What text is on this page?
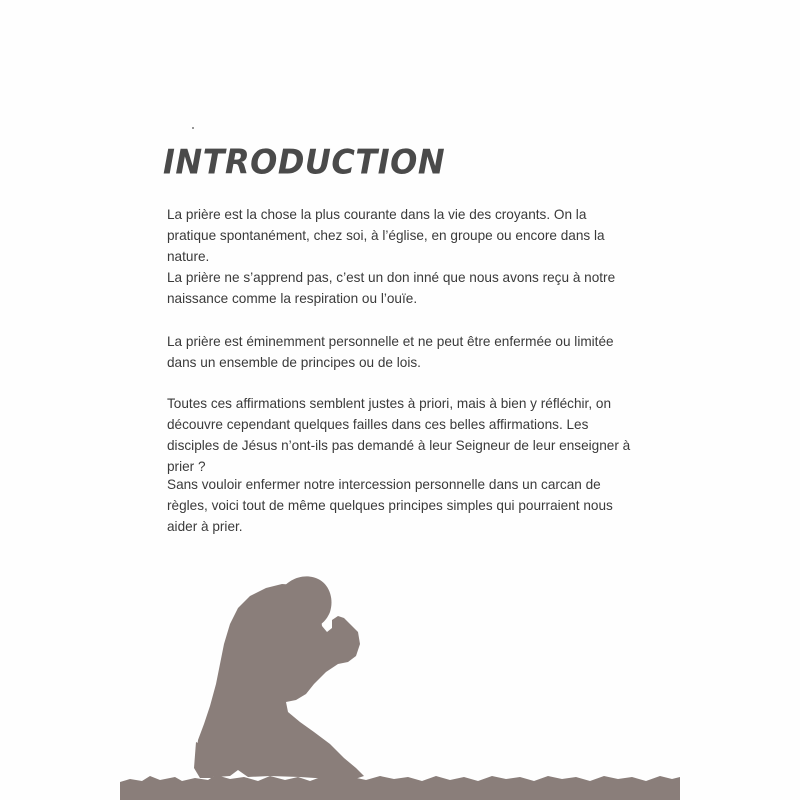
INTRODUCTION

La prière est la chose la plus courante dans la vie des croyants. On la pratique spontanément, chez soi, à l’église, en groupe ou encore dans la nature.

La prière ne s’apprend pas, c’est un don inné que nous avons reçu à notre naissance comme la respiration ou l’ouïe.

La prière est éminemment personnelle et ne peut être enfermée ou limitée dans un ensemble de principes ou de lois.

Toutes ces affirmations semblent justes à priori, mais à bien y réfléchir, on découvre cependant quelques failles dans ces belles affirmations. Les disciples de Jésus n’ont-ils pas demandé à leur Seigneur de leur enseigner à prier ?

Sans vouloir enfermer notre intercession personnelle dans un carcan de règles, voici tout de même quelques principes simples qui pourraient nous aider à prier.
